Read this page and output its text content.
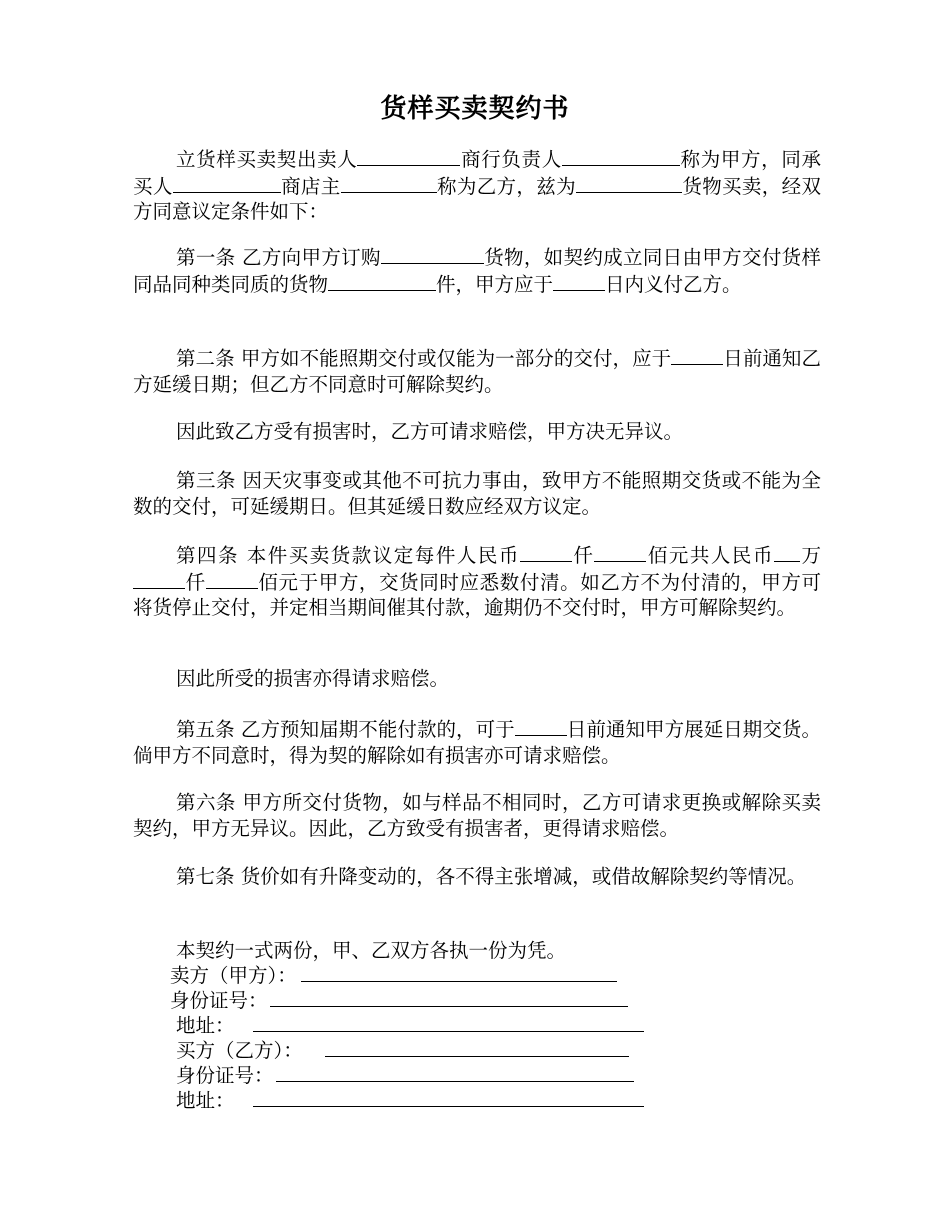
货样买卖契约书
立货样买卖契出卖人	商行负责人	称为甲方，同承买人	商店主	称为乙方，兹为	货物买卖，经双方同意议定条件如下：
第一条 乙方向甲方订购	货物，如契约成立同日由甲方交付货样同品同种类同质的货物	件，甲方应于	日内义付乙方。
第二条 甲方如不能照期交付或仅能为一部分的交付，应于	日前通知乙方延缓日期；但乙方不同意时可解除契约。
因此致乙方受有损害时，乙方可请求赔偿，甲方决无异议。
第三条 因天灾事变或其他不可抗力事由，致甲方不能照期交货或不能为全数的交付，可延缓期日。但其延缓日数应经双方议定。
第四条 本件买卖货款议定每件人民币	仟	佰元共人民币 万仟	佰元于甲方，交货同时应悉数付清。如乙方不为付清的，甲方可将货停止交付，并定相当期间催其付款，逾期仍不交付时，甲方可解除契约。
因此所受的损害亦得请求赔偿。
第五条 乙方预知届期不能付款的，可于	日前通知甲方展延日期交货。倘甲方不同意时，得为契的解除如有损害亦可请求赔偿。
第六条 甲方所交付货物，如与样品不相同时，乙方可请求更换或解除买卖契约，甲方无异议。因此，乙方致受有损害者，更得请求赔偿。
第七条 货价如有升降变动的，各不得主张增减，或借故解除契约等情况。
本契约一式两份，甲、乙双方各执一份为凭。
卖方（甲方）：
身份证号：
地址：
买方（乙方）：
身份证号：
地址：
